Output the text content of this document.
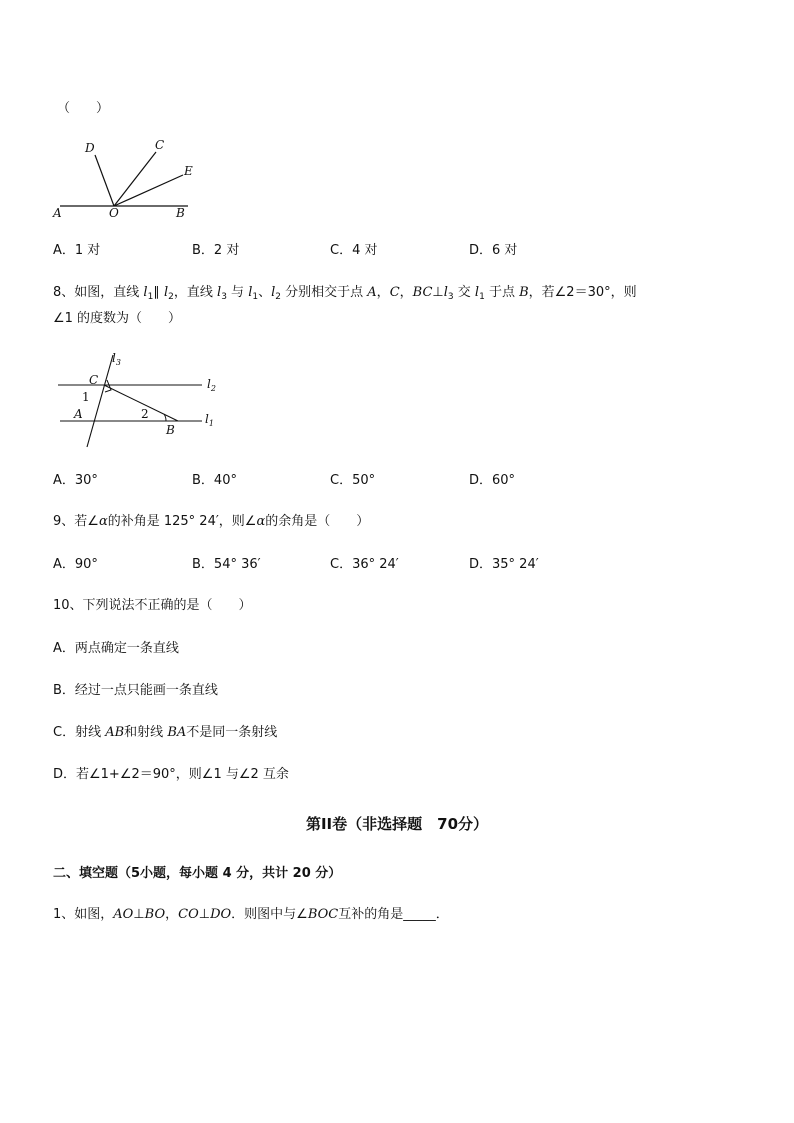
（　　）
D	C
E
A	O	B
A．1 对	B．2 对	C．4 对	D．6 对
8、如图，直线 $l_1\parallel$ $l_2$，直线 $l_3$ 与 $l_1$、$l_2$ 分别相交于点 A，C，$BC\perp l_3$ 交 $l_1$ 于点 B，若∠2＝30°，则
∠1 的度数为（　　）
$l_3$
$l_2$
$l_1$
C
A
B
1
2
A．30°	B．40°	C．50°	D．60°
9、若∠α的补角是 125° 24′，则∠α的余角是（　　）
A．90°	B．54° 36′	C．36° 24′	D．35° 24′
10、下列说法不正确的是（　　）
A．两点确定一条直线
B．经过一点只能画一条直线
C．射线 AB和射线 BA不是同一条射线
D．若∠1+∠2＝90°，则∠1 与∠2 互余
第II卷（非选择题　70分）
二、填空题（5小题，每小题 4 分，共计 20 分）
1、如图，AO⊥BO，CO⊥DO．则图中与∠BOC互补的角是_____．
